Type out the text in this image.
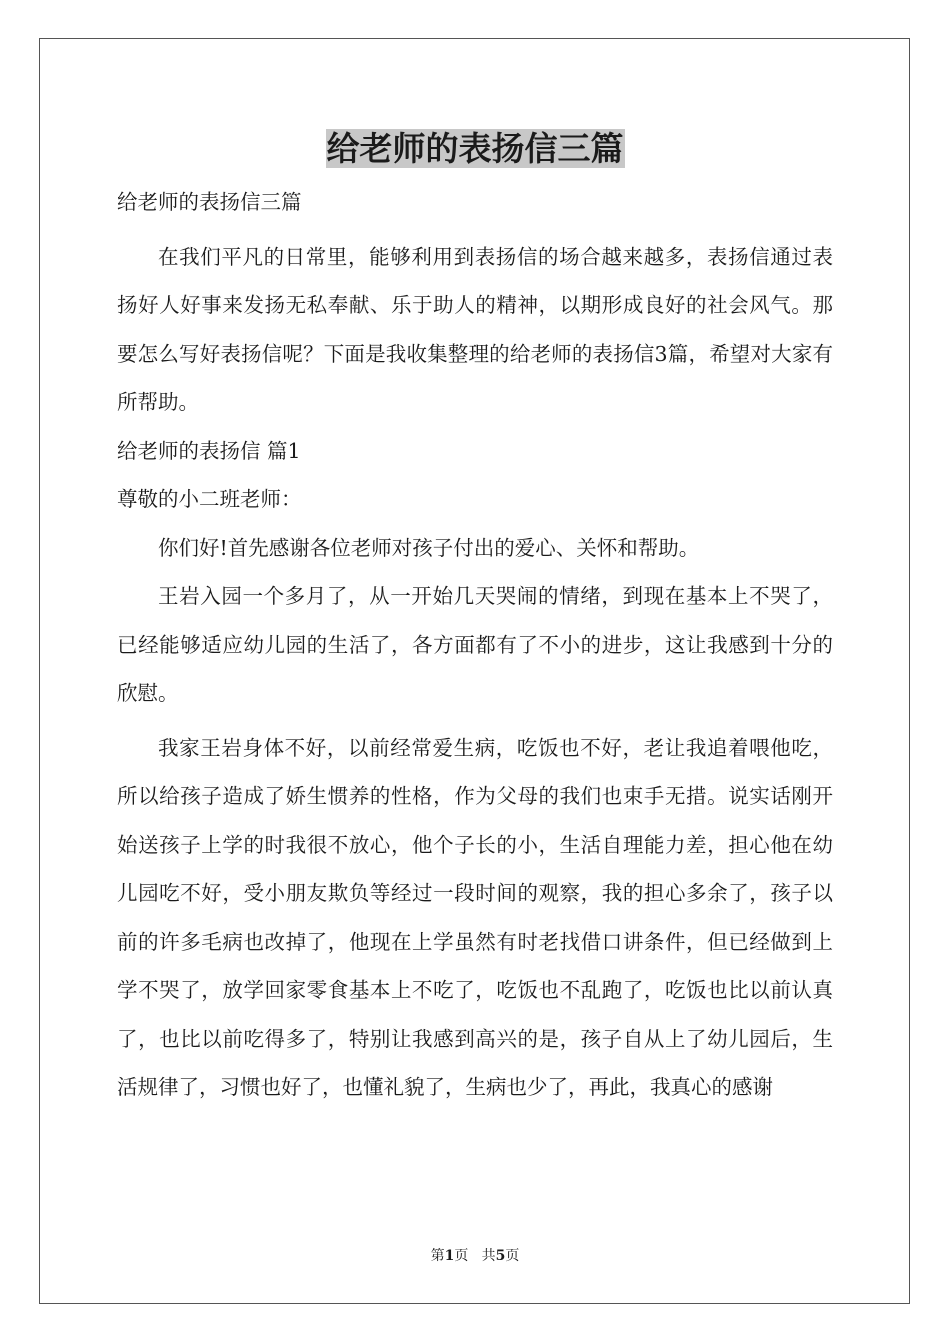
给老师的表扬信三篇

给老师的表扬信三篇

在我们平凡的日常里，能够利用到表扬信的场合越来越多，表扬信通过表扬好人好事来发扬无私奉献、乐于助人的精神，以期形成良好的社会风气。那要怎么写好表扬信呢？下面是我收集整理的给老师的表扬信3篇，希望对大家有所帮助。

给老师的表扬信 篇1

尊敬的小二班老师：

你们好!首先感谢各位老师对孩子付出的爱心、关怀和帮助。

王岩入园一个多月了，从一开始几天哭闹的情绪，到现在基本上不哭了，已经能够适应幼儿园的生活了，各方面都有了不小的进步，这让我感到十分的欣慰。

我家王岩身体不好，以前经常爱生病，吃饭也不好，老让我追着喂他吃，所以给孩子造成了娇生惯养的性格，作为父母的我们也束手无措。说实话刚开始送孩子上学的时我很不放心，他个子长的小，生活自理能力差，担心他在幼儿园吃不好，受小朋友欺负等经过一段时间的观察，我的担心多余了，孩子以前的许多毛病也改掉了，他现在上学虽然有时老找借口讲条件，但已经做到上学不哭了，放学回家零食基本上不吃了，吃饭也不乱跑了，吃饭也比以前认真了，也比以前吃得多了，特别让我感到高兴的是，孩子自从上了幼儿园后，生活规律了，习惯也好了，也懂礼貌了，生病也少了，再此，我真心的感谢

第1页 共5页
